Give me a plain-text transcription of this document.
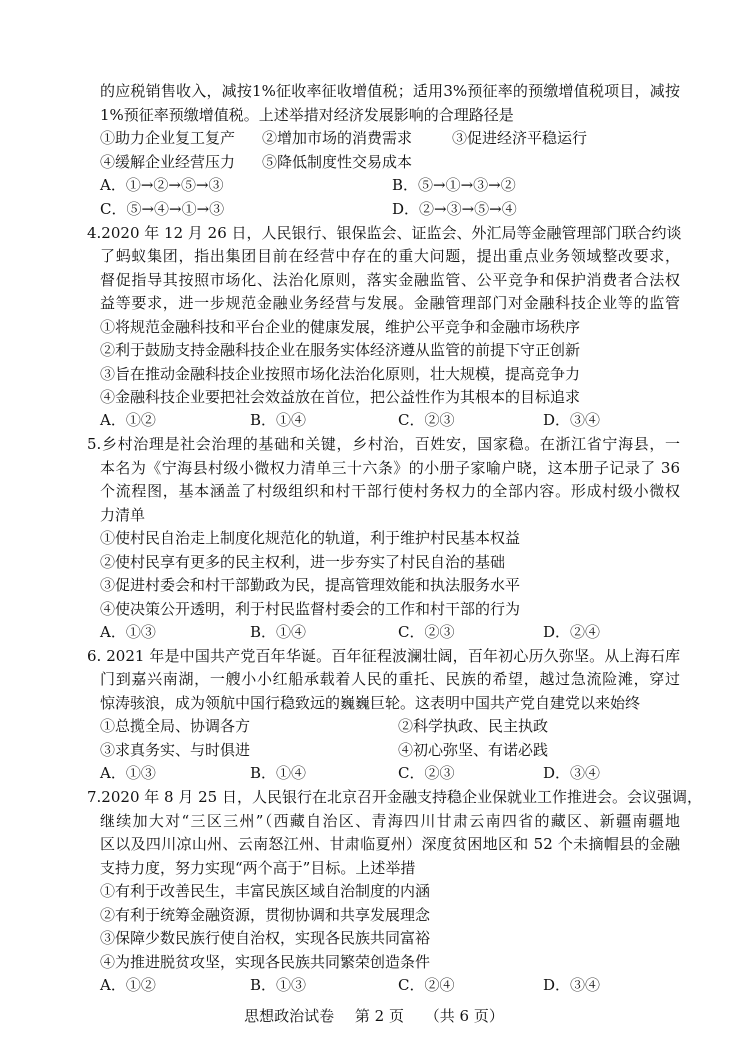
的应税销售收入，减按1%征收率征收增值税；适用3%预征率的预缴增值税项目，减按
1%预征率预缴增值税。上述举措对经济发展影响的合理路径是
①助力企业复工复产 ②增加市场的消费需求	③促进经济平稳运行
④缓解企业经营压力 ⑤降低制度性交易成本
A．①→②→⑤→③	B．⑤→①→③→②
C．⑤→④→①→③	D．②→③→⑤→④
4.2020 年 12 月 26 日，人民银行、银保监会、证监会、外汇局等金融管理部门联合约谈
了蚂蚁集团，指出集团目前在经营中存在的重大问题，提出重点业务领域整改要求，
督促指导其按照市场化、法治化原则，落实金融监管、公平竞争和保护消费者合法权
益等要求，进一步规范金融业务经营与发展。金融管理部门对金融科技企业等的监管
①将规范金融科技和平台企业的健康发展，维护公平竞争和金融市场秩序
②利于鼓励支持金融科技企业在服务实体经济遵从监管的前提下守正创新
③旨在推动金融科技企业按照市场化法治化原则，壮大规模，提高竞争力
④金融科技企业要把社会效益放在首位，把公益性作为其根本的目标追求
A．①②	B．①④	C．②③	D．③④
5.乡村治理是社会治理的基础和关键，乡村治，百姓安，国家稳。在浙江省宁海县，一
本名为《宁海县村级小微权力清单三十六条》的小册子家喻户晓，这本册子记录了 36
个流程图，基本涵盖了村级组织和村干部行使村务权力的全部内容。形成村级小微权
力清单
①使村民自治走上制度化规范化的轨道，利于维护村民基本权益
②使村民享有更多的民主权利，进一步夯实了村民自治的基础
③促进村委会和村干部勤政为民，提高管理效能和执法服务水平
④使决策公开透明，利于村民监督村委会的工作和村干部的行为
A．①③	B．①④	C．②③	D．②④
6. 2021 年是中国共产党百年华诞。百年征程波澜壮阔，百年初心历久弥坚。从上海石库
门到嘉兴南湖，一艘小小红船承载着人民的重托、民族的希望，越过急流险滩，穿过
惊涛骇浪，成为领航中国行稳致远的巍巍巨轮。这表明中国共产党自建党以来始终
①总揽全局、协调各方	②科学执政、民主执政
③求真务实、与时俱进	④初心弥坚、有诺必践
A．①③	B．①④	C．②③	D．③④
7.2020 年 8 月 25 日，人民银行在北京召开金融支持稳企业保就业工作推进会。会议强调，
继续加大对“三区三州”（西藏自治区、青海四川甘肃云南四省的藏区、新疆南疆地
区以及四川凉山州、云南怒江州、甘肃临夏州）深度贫困地区和 52 个未摘帽县的金融
支持力度，努力实现“两个高于”目标。上述举措
①有利于改善民生，丰富民族区域自治制度的内涵
②有利于统筹金融资源，贯彻协调和共享发展理念
③保障少数民族行使自治权，实现各民族共同富裕
④为推进脱贫攻坚，实现各民族共同繁荣创造条件
A．①②	B．①③	C．②④	D．③④
思想政治试卷 第 2 页 （共 6 页）
